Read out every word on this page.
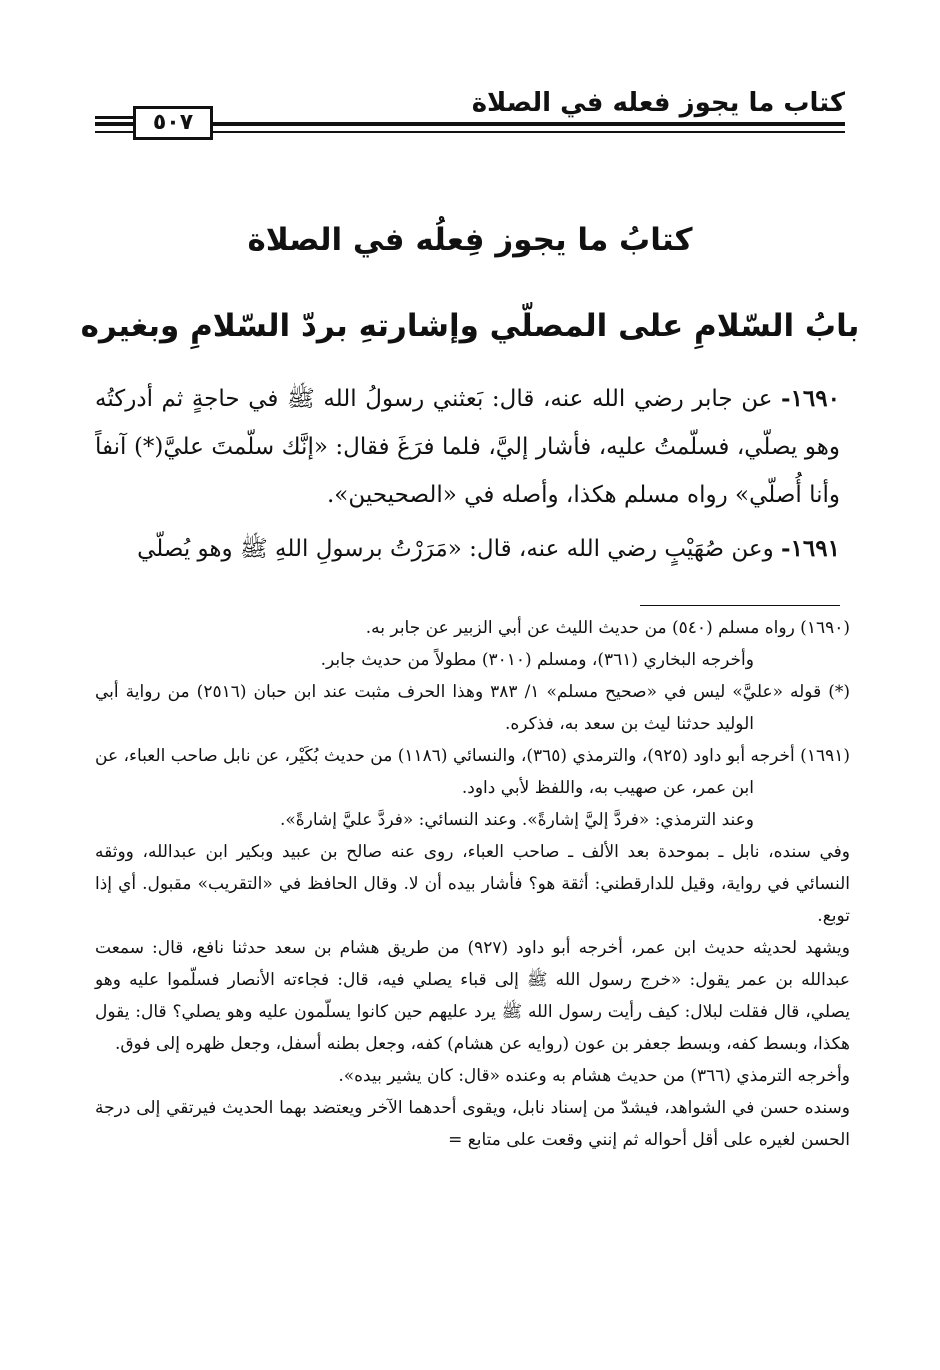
كتاب ما يجوز فعله في الصلاة
٥٠٧
كتابُ ما يجوز فِعلُه في الصلاة
بابُ السّلامِ على المصلّي وإشارتهِ بردّ السّلامِ وبغيره

١٦٩٠- عن جابر رضي الله عنه، قال: بَعثني رسولُ الله ﷺ في حاجةٍ ثم أدركتُه وهو يصلّي، فسلّمتُ عليه، فأشار إليَّ، فلما فرَغَ فقال: «إنَّك سلّمتَ عليَّ(*) آنفاً وأنا أُصلّي» رواه مسلم هكذا، وأصله في «الصحيحين».

١٦٩١- وعن صُهَيْبٍ رضي الله عنه، قال: «مَرَرْتُ برسولِ اللهِ ﷺ وهو يُصلّي

(١٦٩٠) رواه مسلم (٥٤٠) من حديث الليث عن أبي الزبير عن جابر به.

وأخرجه البخاري (٣٦١)، ومسلم (٣٠١٠) مطولاً من حديث جابر.

(*) قوله «عليَّ» ليس في «صحيح مسلم» ١/ ٣٨٣ وهذا الحرف مثبت عند ابن حبان (٢٥١٦) من رواية أبي الوليد حدثنا ليث بن سعد به، فذكره.

(١٦٩١) أخرجه أبو داود (٩٢٥)، والترمذي (٣٦٥)، والنسائي (١١٨٦) من حديث بُكَيْر، عن نابل صاحب العباء، عن ابن عمر، عن صهيب به، واللفظ لأبي داود.

وعند الترمذي: «فردَّ إليَّ إشارةً». وعند النسائي: «فردَّ عليَّ إشارةً».

وفي سنده، نابل ـ بموحدة بعد الألف ـ صاحب العباء، روى عنه صالح بن عبيد وبكير ابن عبدالله، ووثقه النسائي في رواية، وقيل للدارقطني: أثقة هو؟ فأشار بيده أن لا. وقال الحافظ في «التقريب» مقبول. أي إذا توبع.

ويشهد لحديثه حديث ابن عمر، أخرجه أبو داود (٩٢٧) من طريق هشام بن سعد حدثنا نافع، قال: سمعت عبدالله بن عمر يقول: «خرج رسول الله ﷺ إلى قباء يصلي فيه، قال: فجاءته الأنصار فسلّموا عليه وهو يصلي، قال فقلت لبلال: كيف رأيت رسول الله ﷺ يرد عليهم حين كانوا يسلّمون عليه وهو يصلي؟ قال: يقول هكذا، وبسط كفه، وبسط جعفر بن عون (روايه عن هشام) كفه، وجعل بطنه أسفل، وجعل ظهره إلى فوق.

وأخرجه الترمذي (٣٦٦) من حديث هشام به وعنده «قال: كان يشير بيده».

وسنده حسن في الشواهد، فيشدّ من إسناد نابل، ويقوى أحدهما الآخر ويعتضد بهما الحديث فيرتقي إلى درجة الحسن لغيره على أقل أحواله ثم إنني وقعت على متابع =
